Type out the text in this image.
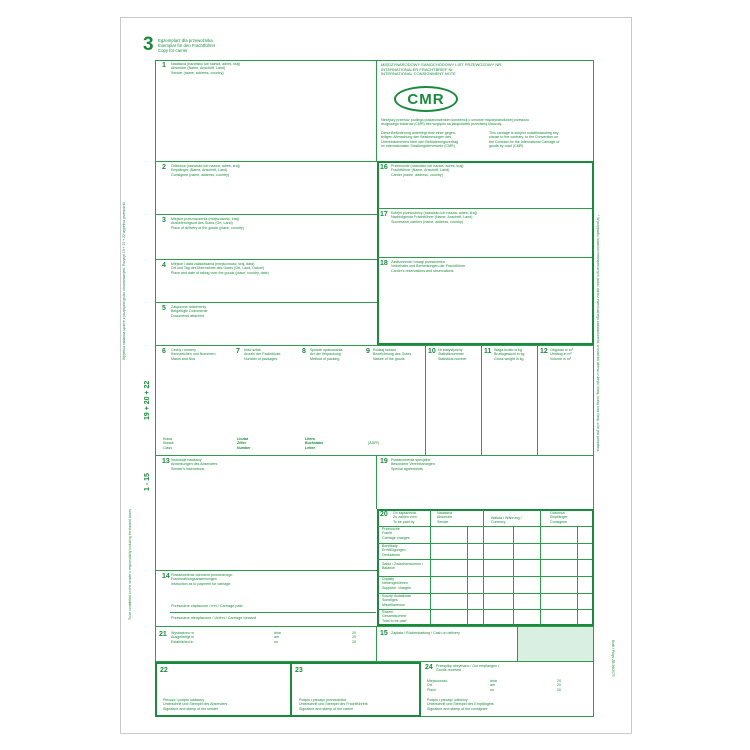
3 Egzemplarz dla przewoźnika
Exemplar für den Frachtführer
Copy for carrier
MIĘDZYNARODOWY SAMOCHODOWY LIST PRZEWOZOWY NR
INTERNATIONALER FRACHTBRIEF Nr.
INTERNATIONAL CONSIGNMENT NOTE
CMR
Niniejszy przewóz podlega postanowieniom konwencji o umowie międzynarodowej przewozu
drogowego towarów (CMR) bez względu na jakąkolwiek przeciwną klauzulę.
Diese Beförderung unterliegt trotz einer gegen-
teiligen Abmachung den Bestimmungen des
Übereinkommens über den Beförderungsvertrag
im internationalen Straßengüterverkehr (CMR)
This carriage is subject notwithstanding any
clause to the contrary, to the Convention on
the Contract for the International Carriage of
goods by road (CMR)
1 Nadawca (nazwisko lub nazwa, adres, kraj)
Absender (Name, Anschrift, Land)
Sender (name, address, country)
2 Odbiorca (nazwisko lub nazwa, adres, kraj)
Empfänger (Name, Anschrift, Land)
Consignee (name, address, country)
3 Miejsce przeznaczenia (miejscowość, kraj)
Auslieferungsort des Gutes (Ort, Land)
Place of delivery of the goods (place, country)
4 Miejsce i data załadowania (miejscowość, kraj, data)
Ort und Tag der Übernahme des Gutes (Ort, Land, Datum)
Place and date of taking over the goods (place, country, date)
5 Załączone dokumenty
Beigefügte Dokumente
Documents attached
16 Przewoźnik (nazwisko lub nazwa, adres, kraj)
Frachtführer (Name, Anschrift, Land)
Carrier (name, address, country)
17 Kolejni przewoźnicy (nazwisko lub nazwa, adres, kraj)
Nachfolgende Frachtführer (Name, Anschrift, Land)
Successive carriers (name, address, country)
18 Zastrzeżenia i uwagi przewoźnika
Vorbehalte und Bemerkungen der Frachtführer
Carrier's reservations and observations
6 Cechy i numery
Kennzeichen und Nummern
Marks and Nos
7 Ilość sztuk
Anzahl der Packstücke
Number of packages
8 Sposób opakowania
Art der Verpackung
Method of packing
9 Rodzaj towaru
Bezeichnung des Gutes
Nature of the goods
10 Nr statystyczny
Statistiknummer
Statistical number
11 Waga brutto w kg
Bruttogewicht in kg
Gross weight in kg
12 Objętość w m³
Umfang in m³
Volume in m³
Klasa
Klasse
Class
Liczba
Ziffer
Number
Litera
Buchstabe
Letter
(ADR*)
13 Instrukcje nadawcy
Anweisungen des Absenders
Sender's instructions
19 Postanowienia specjalne
Besondere Vereinbarungen
Special agreements
20 Do zapłacenia
Zu zahlen vom
To be paid by
Nadawca
Absender
Sender
Waluta / Währung /
Currency
Odbiorca
Empfänger
Consignee
Przewoźne
Fracht
Carriage charges
Bonifikaty
Ermäßigungen
Deductions
Saldo / Zwischensumme /
Balance
Dopłaty
Nebengebühren
Supplem. charges
Koszty dodatkowe
Sonstiges
Miscellaneous
Razem
Gesamtsumme
Total to be paid
14 Postanowienia odnośnie przewoźnego
Frachtzahlungsanweisungen
Instruction as to payment for carriage
Przewoźne zapłacone / frei / Carriage paid
Przewoźne nieopłacone / Unfrei / Carriage forward
21 Wystawiono w
Ausgefertigt in
Established in
dnia
am
on
20
20
20
15 Zapłata / Rückerstattung / Cash on delivery
22
Pieczęć i podpis nadawcy
Unterschrift und Stempel des Absenders
Signature and stamp of the sender
23
Podpis i pieczęć przewoźnika
Unterschrift und Stempel des Frachtführers
Signature and stamp of the carrier
24 Przesyłkę otrzymano / Gut empfangen /
Goods received
Miejscowość
Ort
Place
dnia
am
on
20
20
20
Podpis i pieczęć odbiorcy
Unterschrift und Stempel des Empfängers
Signature and stamp of the consignee
1 - 15
19 + 20 + 22
Wypełnia nadawca łącznie z pozycjami grubo obramowanymi. Pozycje 19 + 20 + 22 wypełnia przewoźnik
To be completed on the sender's responsibility including the framed boxes
* W przypadku towarów niebezpiecznych podać oprócz ewentualnego zaświadczenia, w ostatnim wierszu rubryki: klasę, liczbę oraz literę, o ile jest potrzebna.
Kraft / Polyv ZB 56/2070
